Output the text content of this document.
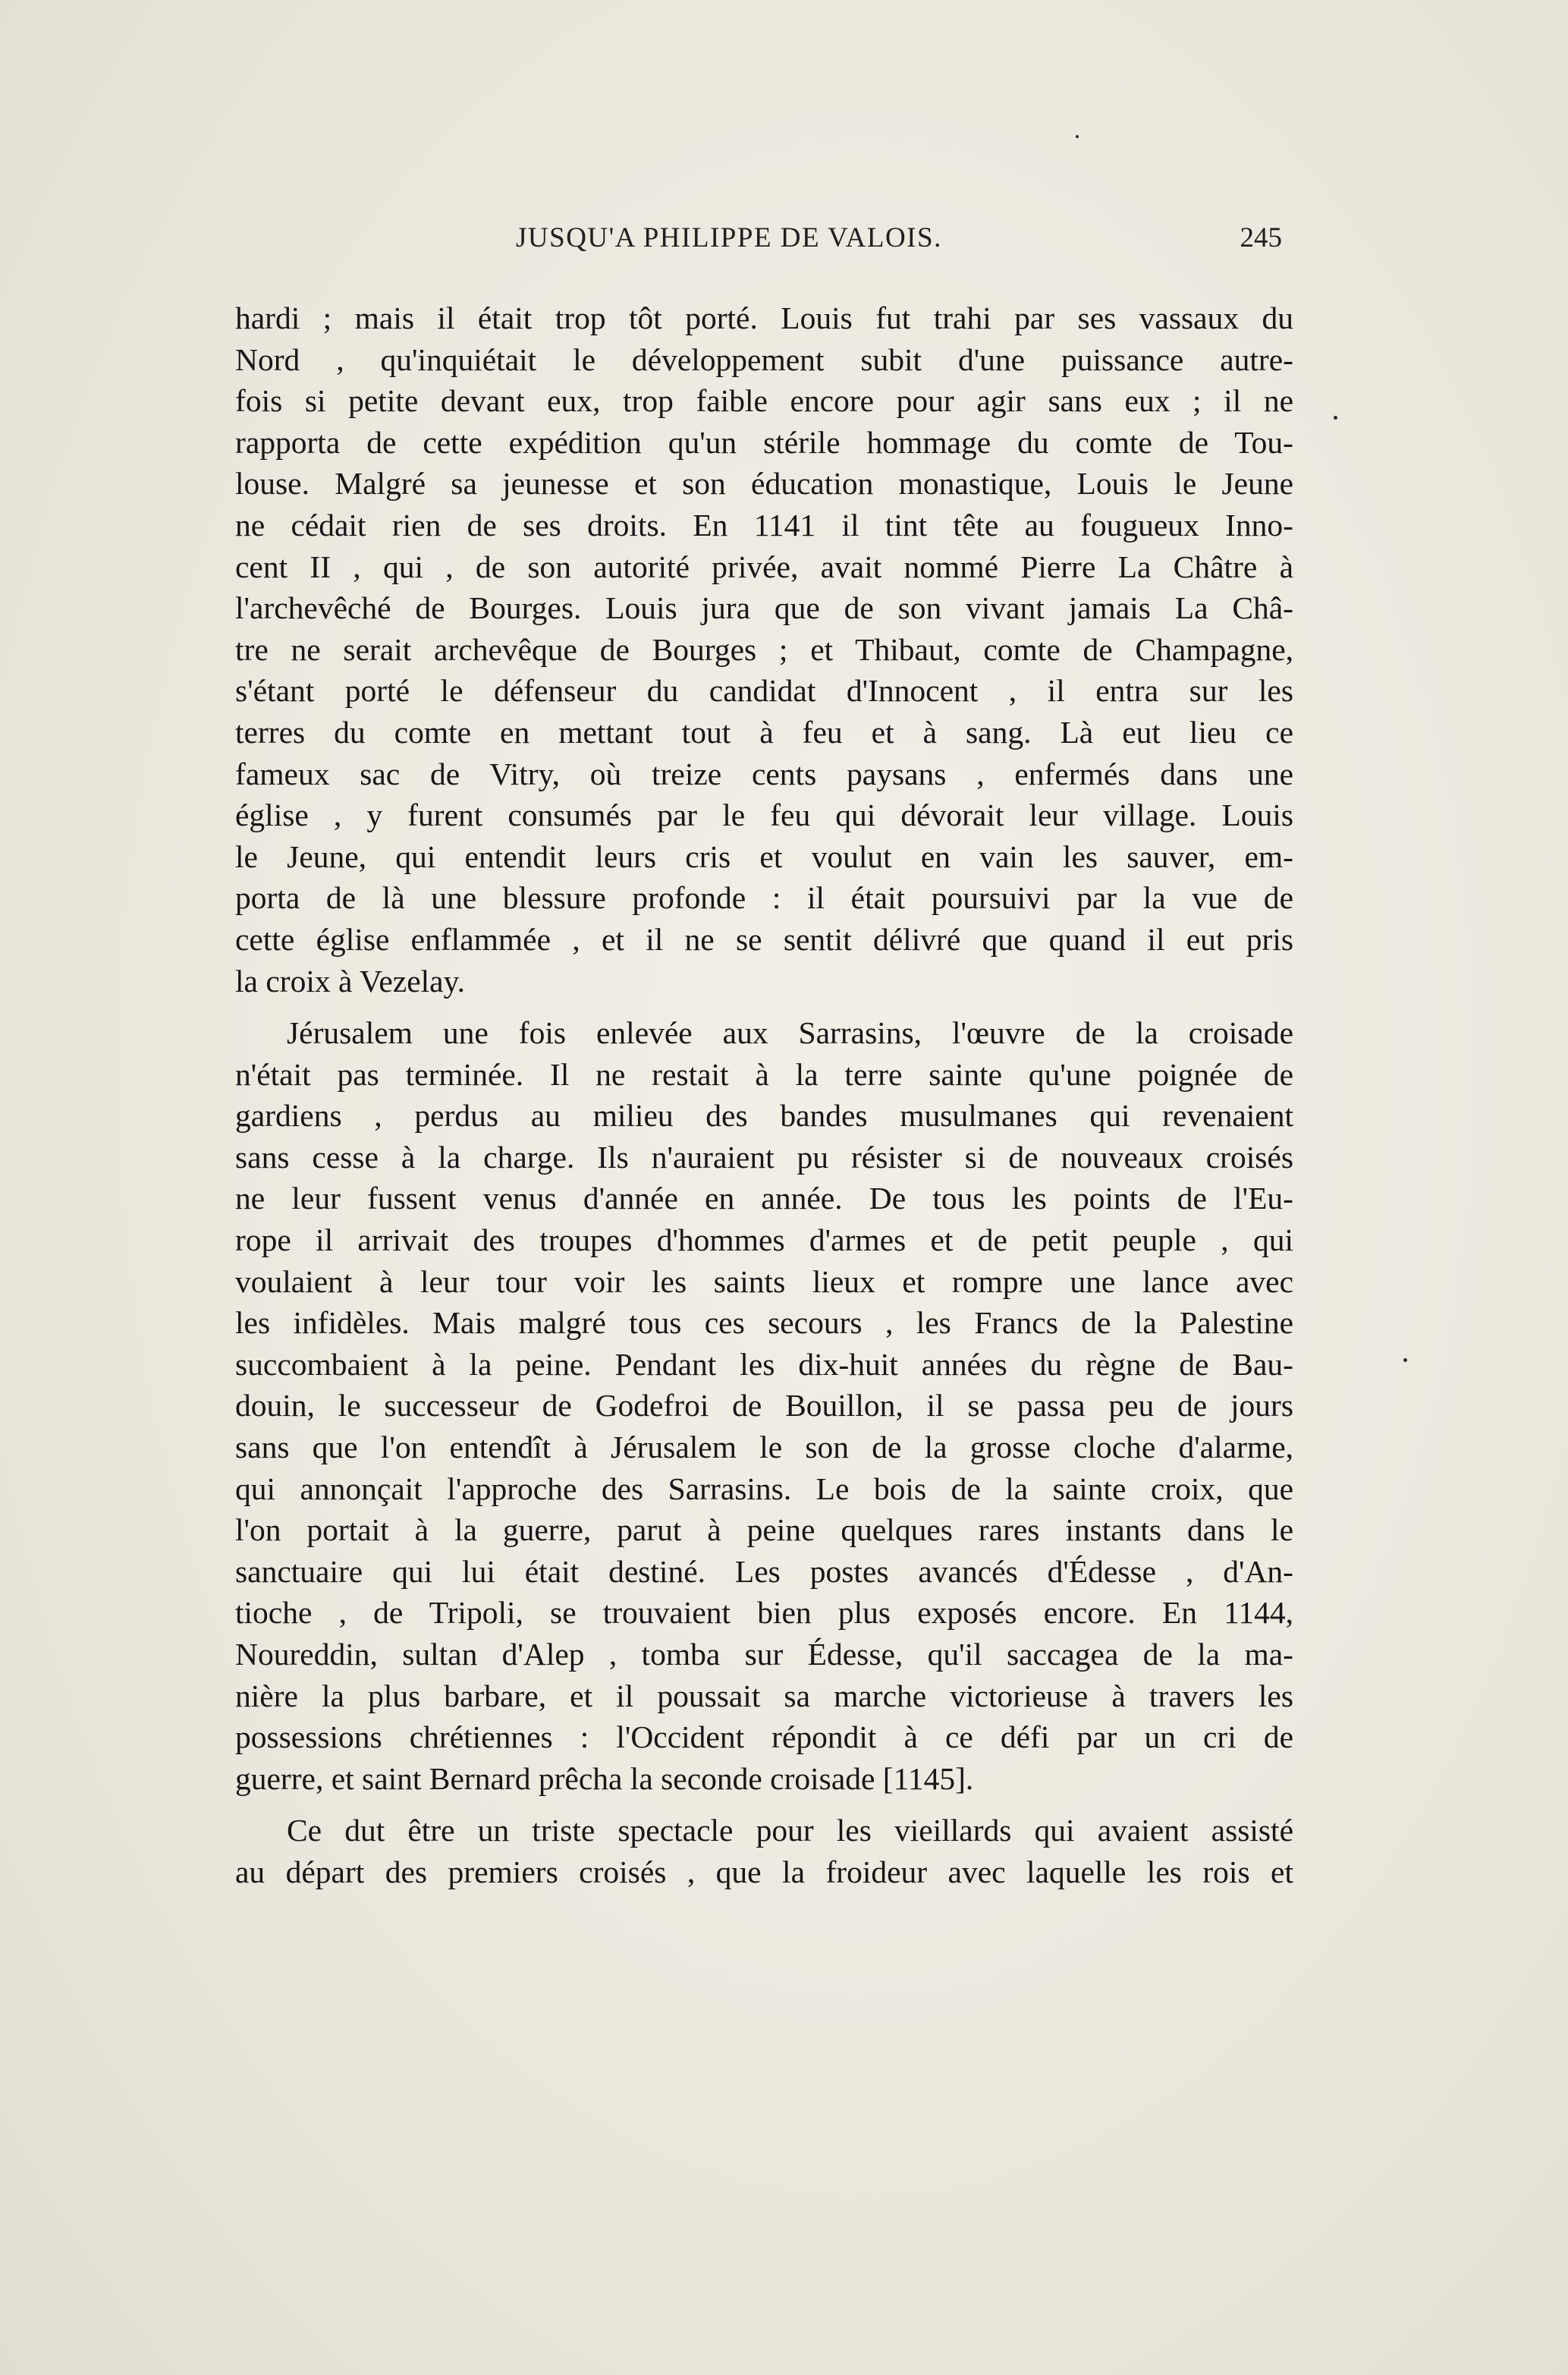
JUSQU'A PHILIPPE DE VALOIS.	245
hardi ; mais il était trop tôt porté. Louis fut trahi par ses vassaux du
Nord , qu'inquiétait le développement subit d'une puissance autre-
fois si petite devant eux, trop faible encore pour agir sans eux ; il ne
rapporta de cette expédition qu'un stérile hommage du comte de Tou-
louse. Malgré sa jeunesse et son éducation monastique, Louis le Jeune
ne cédait rien de ses droits. En 1141 il tint tête au fougueux Inno-
cent II , qui , de son autorité privée, avait nommé Pierre La Châtre à
l'archevêché de Bourges. Louis jura que de son vivant jamais La Châ-
tre ne serait archevêque de Bourges ; et Thibaut, comte de Champagne,
s'étant porté le défenseur du candidat d'Innocent , il entra sur les
terres du comte en mettant tout à feu et à sang. Là eut lieu ce
fameux sac de Vitry, où treize cents paysans , enfermés dans une
église , y furent consumés par le feu qui dévorait leur village. Louis
le Jeune, qui entendit leurs cris et voulut en vain les sauver, em-
porta de là une blessure profonde : il était poursuivi par la vue de
cette église enflammée , et il ne se sentit délivré que quand il eut pris
la croix à Vezelay.
Jérusalem une fois enlevée aux Sarrasins, l'œuvre de la croisade
n'était pas terminée. Il ne restait à la terre sainte qu'une poignée de
gardiens , perdus au milieu des bandes musulmanes qui revenaient
sans cesse à la charge. Ils n'auraient pu résister si de nouveaux croisés
ne leur fussent venus d'année en année. De tous les points de l'Eu-
rope il arrivait des troupes d'hommes d'armes et de petit peuple , qui
voulaient à leur tour voir les saints lieux et rompre une lance avec
les infidèles. Mais malgré tous ces secours , les Francs de la Palestine
succombaient à la peine. Pendant les dix-huit années du règne de Bau-
douin, le successeur de Godefroi de Bouillon, il se passa peu de jours
sans que l'on entendît à Jérusalem le son de la grosse cloche d'alarme,
qui annonçait l'approche des Sarrasins. Le bois de la sainte croix, que
l'on portait à la guerre, parut à peine quelques rares instants dans le
sanctuaire qui lui était destiné. Les postes avancés d'Édesse , d'An-
tioche , de Tripoli, se trouvaient bien plus exposés encore. En 1144,
Noureddin, sultan d'Alep , tomba sur Édesse, qu'il saccagea de la ma-
nière la plus barbare, et il poussait sa marche victorieuse à travers les
possessions chrétiennes : l'Occident répondit à ce défi par un cri de
guerre, et saint Bernard prêcha la seconde croisade [1145].
Ce dut être un triste spectacle pour les vieillards qui avaient assisté
au départ des premiers croisés , que la froideur avec laquelle les rois et
